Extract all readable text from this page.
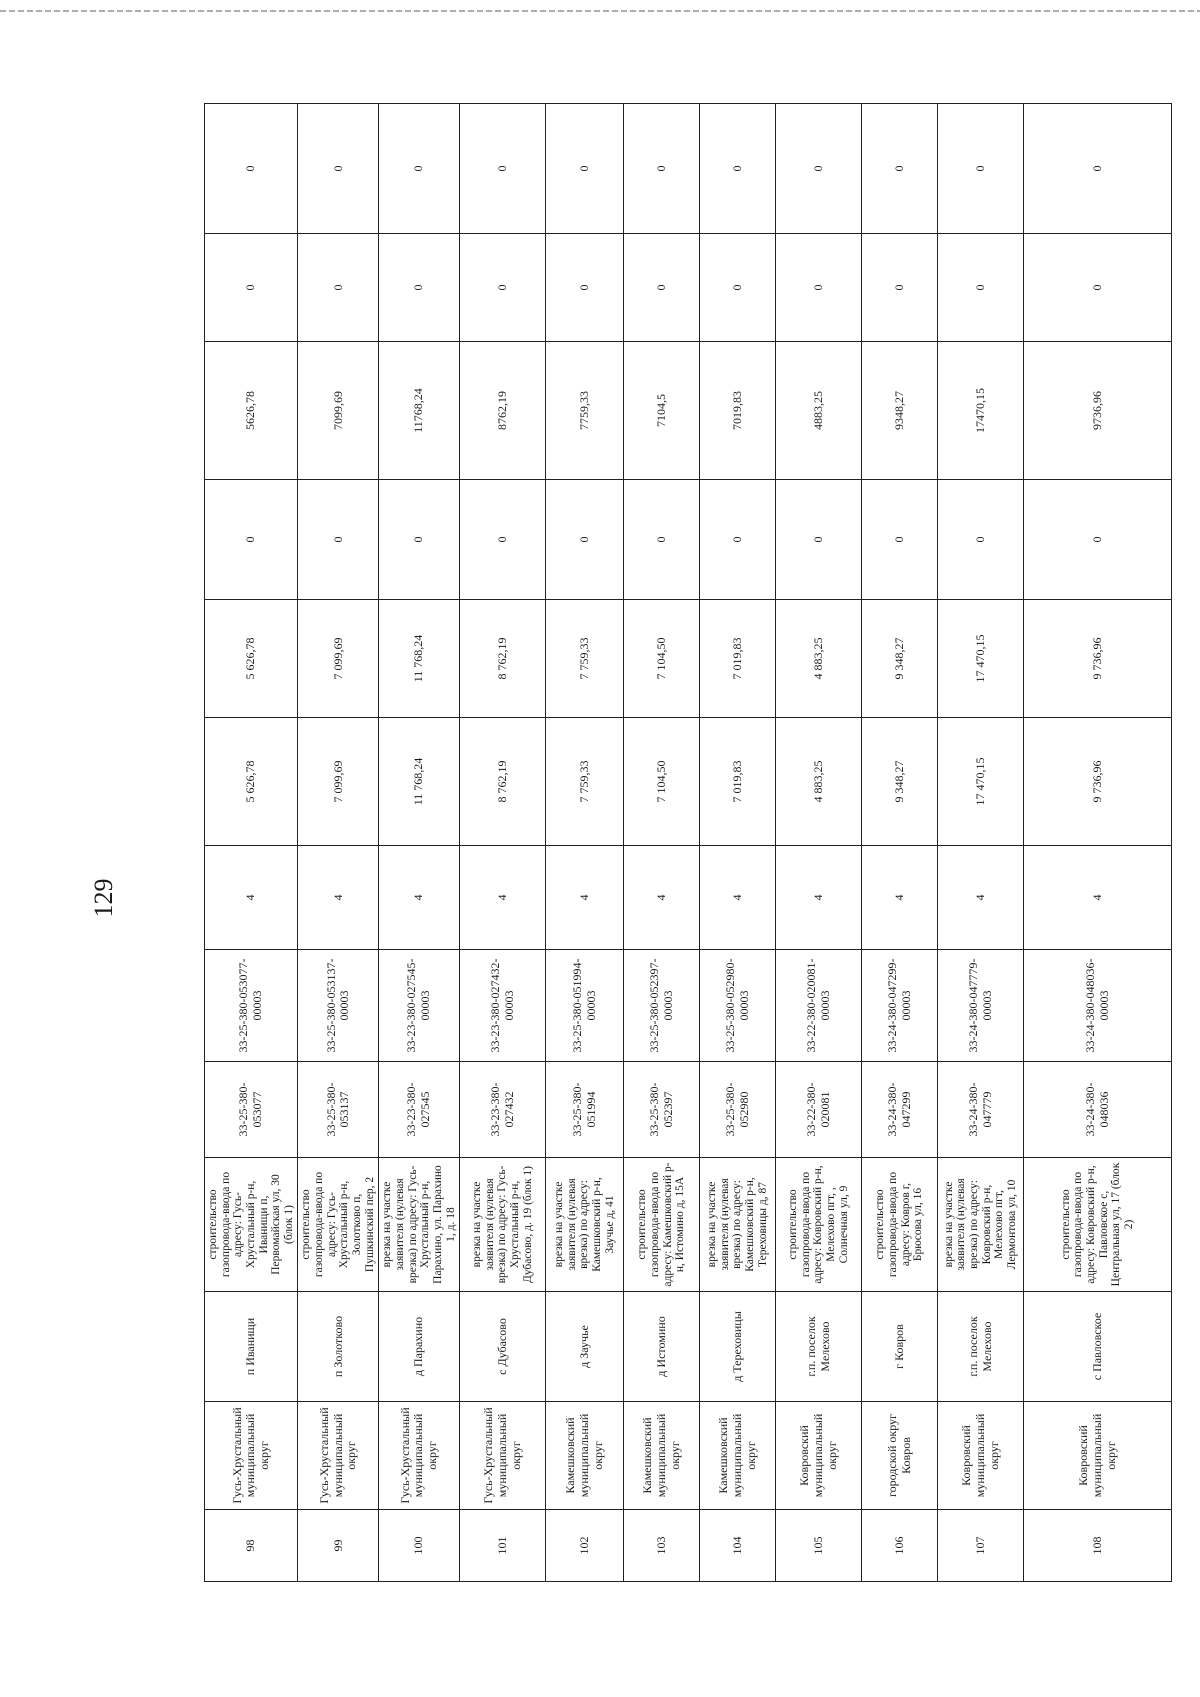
129
98	Гусь-Хрустальный муниципальный округ	п Иванищи	строительство газопровода-ввода по адресу: Гусь-Хрустальный р-н, Иванищи п, Первомайская ул, 30 (блок 1)	33-25-380-053077	33-25-380-053077-00003	4	5 626,78	5 626,78	0	5626,78	0	0
99	Гусь-Хрустальный муниципальный округ	п Золотково	строительство газопровода-ввода по адресу: Гусь-Хрустальный р-н, Золотково п, Пушкинский пер, 2	33-25-380-053137	33-25-380-053137-00003	4	7 099,69	7 099,69	0	7099,69	0	0
100	Гусь-Хрустальный муниципальный округ	д Парахино	врезка на участке заявителя (нулевая врезка) по адресу: Гусь-Хрустальный р-н, Парахино, ул. Парахино 1, д. 18	33-23-380-027545	33-23-380-027545-00003	4	11 768,24	11 768,24	0	11768,24	0	0
101	Гусь-Хрустальный муниципальный округ	с Дубасово	врезка на участке заявителя (нулевая врезка) по адресу: Гусь-Хрустальный р-н, Дубасово, д. 19 (блок 1)	33-23-380-027432	33-23-380-027432-00003	4	8 762,19	8 762,19	0	8762,19	0	0
102	Камешковский муниципальный округ	д Заучье	врезка на участке заявителя (нулевая врезка) по адресу: Камешковский р-н, Заучье д, 41	33-25-380-051994	33-25-380-051994-00003	4	7 759,33	7 759,33	0	7759,33	0	0
103	Камешковский муниципальный округ	д Истомино	строительство газопровода-ввода по адресу: Камешковский р-н, Истомино д, 15А	33-25-380-052397	33-25-380-052397-00003	4	7 104,50	7 104,50	0	7104,5	0	0
104	Камешковский муниципальный округ	д Тереховицы	врезка на участке заявителя (нулевая врезка) по адресу: Камешковский р-н, Тереховицы д, 87	33-25-380-052980	33-25-380-052980-00003	4	7 019,83	7 019,83	0	7019,83	0	0
105	Ковровский муниципальный округ	г.п. поселок Мелехово	строительство газопровода-ввода по адресу: Ковровский р-н, Мелехово пгт, , Солнечная ул, 9	33-22-380-020081	33-22-380-020081-00003	4	4 883,25	4 883,25	0	4883,25	0	0
106	городской округ Ковров	г Ковров	строительство газопровода-ввода по адресу: Ковров г, Брюсова ул, 16	33-24-380-047299	33-24-380-047299-00003	4	9 348,27	9 348,27	0	9348,27	0	0
107	Ковровский муниципальный округ	г.п. поселок Мелехово	врезка на участке заявителя (нулевая врезка) по адресу: Ковровский р-н, Мелехово пгт, Лермонтова ул, 10	33-24-380-047779	33-24-380-047779-00003	4	17 470,15	17 470,15	0	17470,15	0	0
108	Ковровский муниципальный округ	с Павловское	строительство газопровода-ввода по адресу: Ковровский р-н, Павловское с, Центральная ул, 17 (блок 2)	33-24-380-048036	33-24-380-048036-00003	4	9 736,96	9 736,96	0	9736,96	0	0
